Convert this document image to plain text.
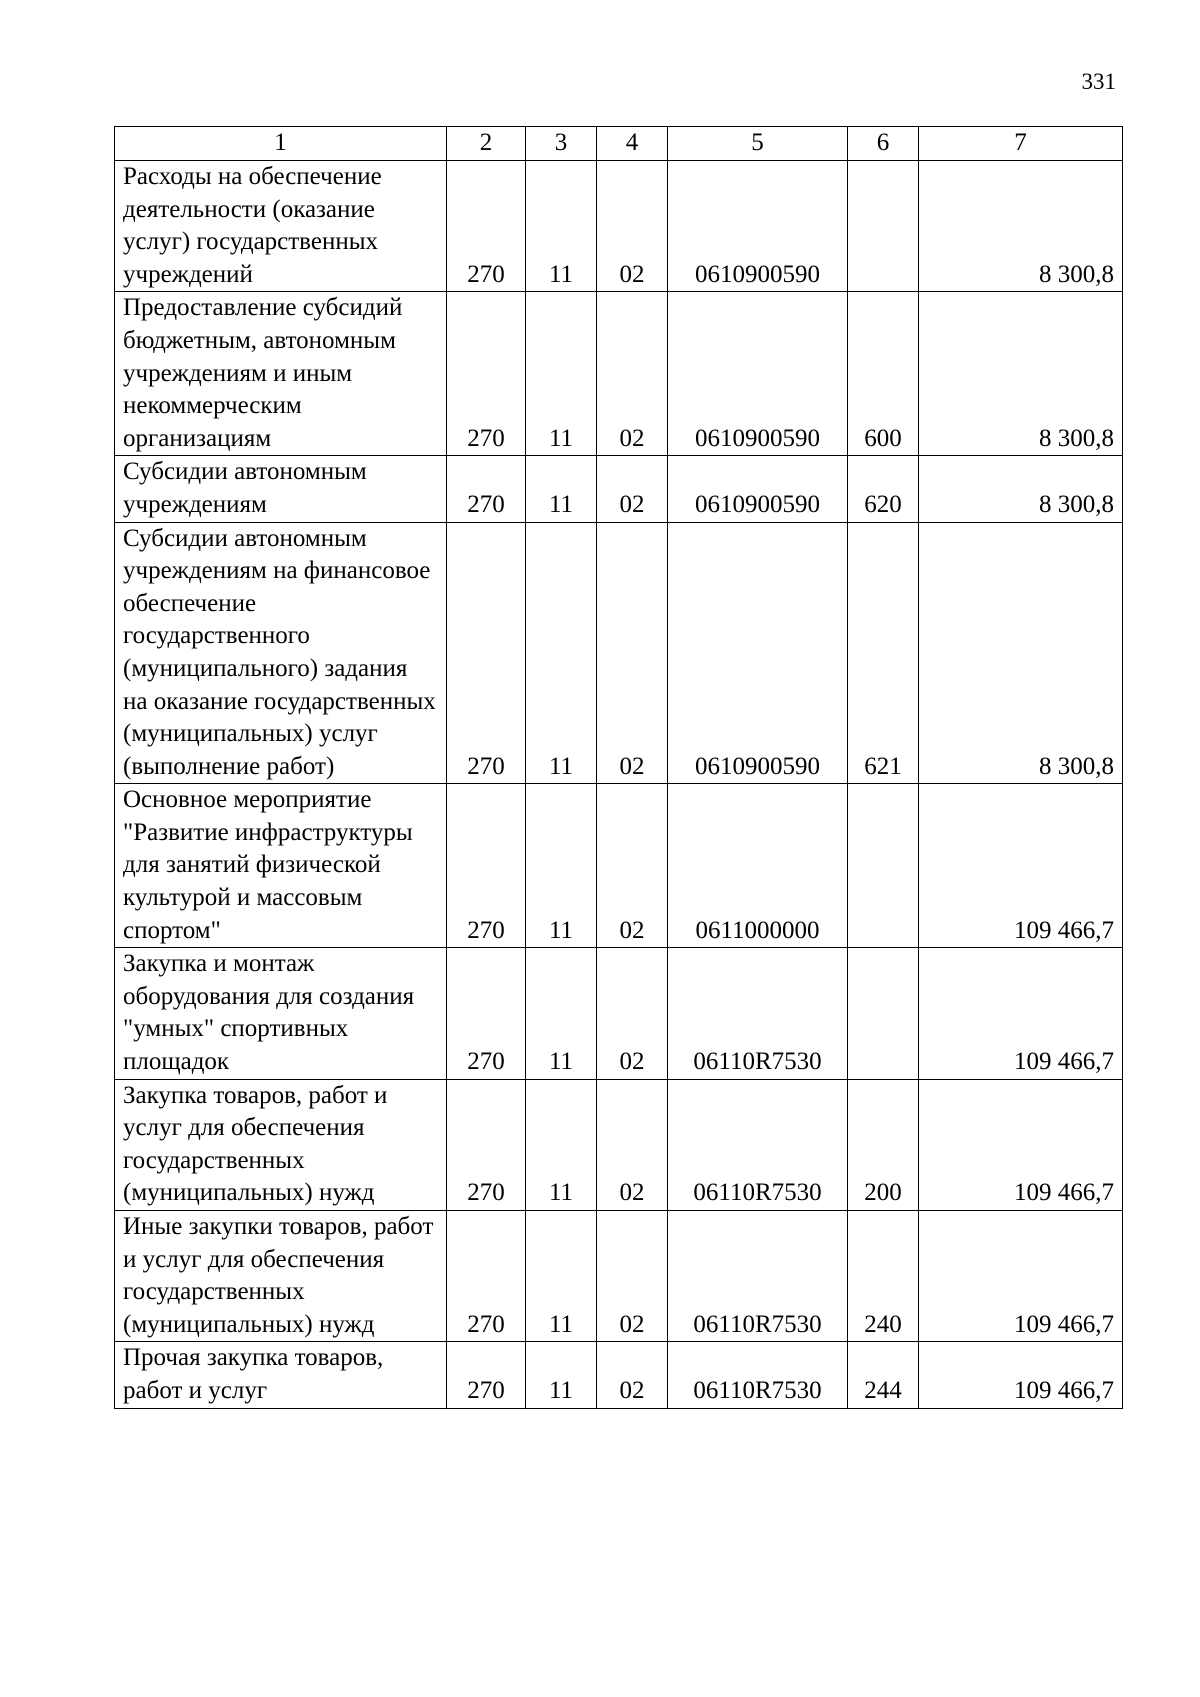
331
1	2	3	4	5	6	7
Расходы на обеспечение деятельности (оказание услуг) государственных учреждений	270	11	02	0610900590		8 300,8
Предоставление субсидий бюджетным, автономным учреждениям и иным некоммерческим организациям	270	11	02	0610900590	600	8 300,8
Субсидии автономным учреждениям	270	11	02	0610900590	620	8 300,8
Субсидии автономным учреждениям на финансовое обеспечение государственного (муниципального) задания на оказание государственных (муниципальных) услуг (выполнение работ)	270	11	02	0610900590	621	8 300,8
Основное мероприятие "Развитие инфраструктуры для занятий физической культурой и массовым спортом"	270	11	02	0611000000		109 466,7
Закупка и монтаж оборудования для создания "умных" спортивных площадок	270	11	02	06110R7530		109 466,7
Закупка товаров, работ и услуг для обеспечения государственных (муниципальных) нужд	270	11	02	06110R7530	200	109 466,7
Иные закупки товаров, работ и услуг для обеспечения государственных (муниципальных) нужд	270	11	02	06110R7530	240	109 466,7
Прочая закупка товаров, работ и услуг	270	11	02	06110R7530	244	109 466,7
